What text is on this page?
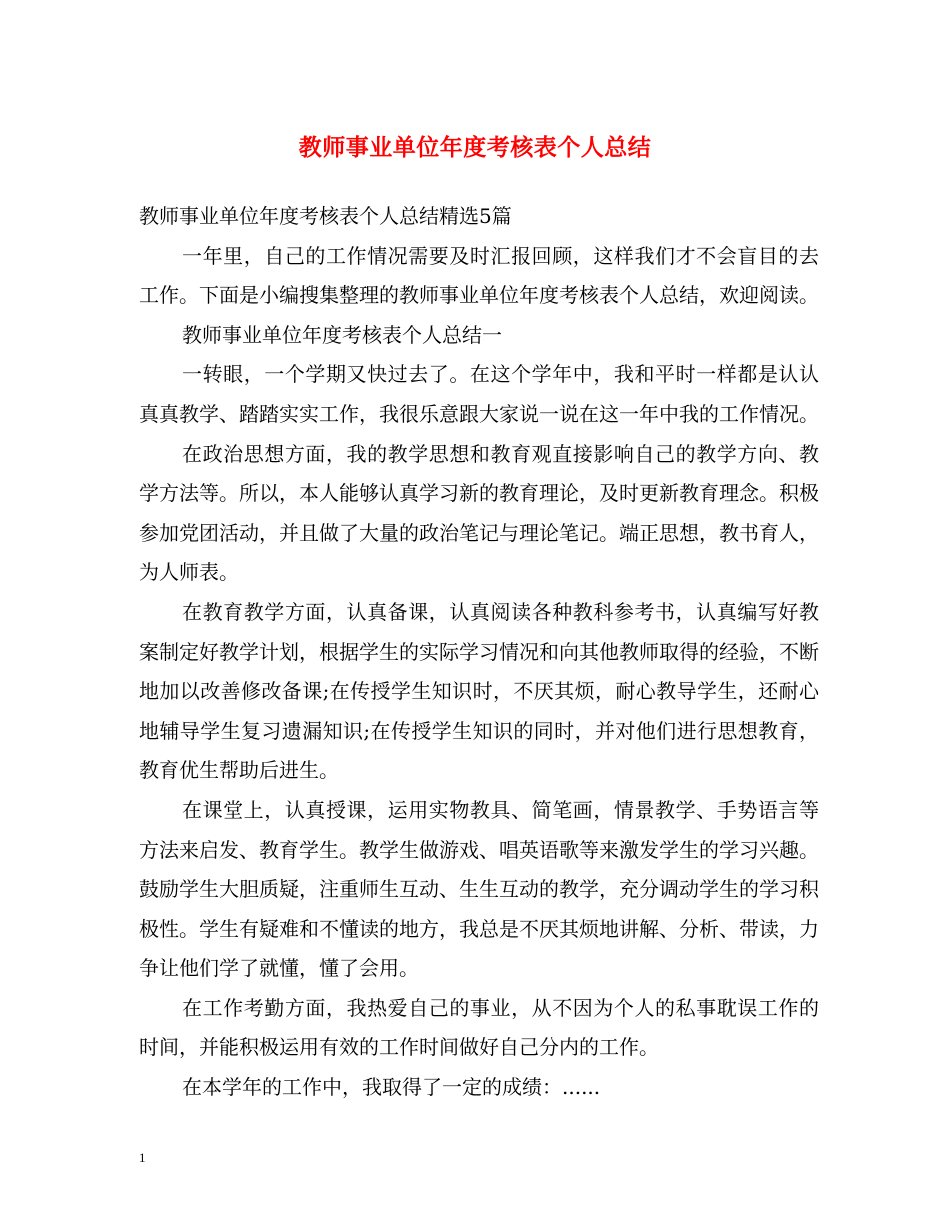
教师事业单位年度考核表个人总结

教师事业单位年度考核表个人总结精选5篇

一年里，自己的工作情况需要及时汇报回顾，这样我们才不会盲目的去工作。下面是小编搜集整理的教师事业单位年度考核表个人总结，欢迎阅读。

教师事业单位年度考核表个人总结一

一转眼，一个学期又快过去了。在这个学年中，我和平时一样都是认认真真教学、踏踏实实工作，我很乐意跟大家说一说在这一年中我的工作情况。

在政治思想方面，我的教学思想和教育观直接影响自己的教学方向、教学方法等。所以，本人能够认真学习新的教育理论，及时更新教育理念。积极参加党团活动，并且做了大量的政治笔记与理论笔记。端正思想，教书育人，为人师表。

在教育教学方面，认真备课，认真阅读各种教科参考书，认真编写好教案制定好教学计划，根据学生的实际学习情况和向其他教师取得的经验，不断地加以改善修改备课;在传授学生知识时，不厌其烦，耐心教导学生，还耐心地辅导学生复习遗漏知识;在传授学生知识的同时，并对他们进行思想教育，教育优生帮助后进生。

在课堂上，认真授课，运用实物教具、简笔画，情景教学、手势语言等方法来启发、教育学生。教学生做游戏、唱英语歌等来激发学生的学习兴趣。鼓励学生大胆质疑，注重师生互动、生生互动的教学，充分调动学生的学习积极性。学生有疑难和不懂读的地方，我总是不厌其烦地讲解、分析、带读，力争让他们学了就懂，懂了会用。

在工作考勤方面，我热爱自己的事业，从不因为个人的私事耽误工作的时间，并能积极运用有效的工作时间做好自己分内的工作。

在本学年的工作中，我取得了一定的成绩：......

1
